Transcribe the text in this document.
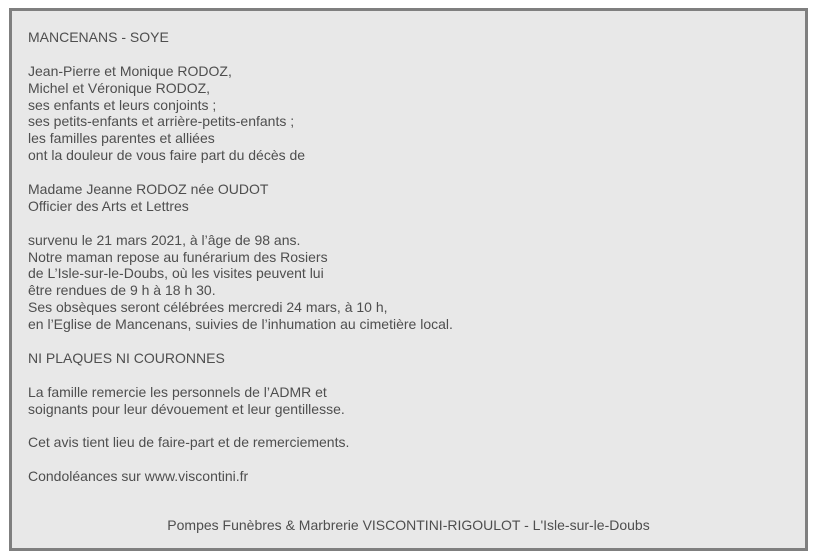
MANCENANS - SOYE
Jean-Pierre et Monique RODOZ,
Michel et Véronique RODOZ,
ses enfants et leurs conjoints ;
ses petits-enfants et arrière-petits-enfants ;
les familles parentes et alliées
ont la douleur de vous faire part du décès de
Madame Jeanne RODOZ née OUDOT
Officier des Arts et Lettres
survenu le 21 mars 2021, à l’âge de 98 ans.
Notre maman repose au funérarium des Rosiers
de L’Isle-sur-le-Doubs, où les visites peuvent lui
être rendues de 9 h à 18 h 30.
Ses obsèques seront célébrées mercredi 24 mars, à 10 h,
en l’Eglise de Mancenans, suivies de l’inhumation au cimetière local.
NI PLAQUES NI COURONNES
La famille remercie les personnels de l’ADMR et
soignants pour leur dévouement et leur gentillesse.
Cet avis tient lieu de faire-part et de remerciements.
Condoléances sur www.viscontini.fr
Pompes Funèbres & Marbrerie VISCONTINI-RIGOULOT - L'Isle-sur-le-Doubs
